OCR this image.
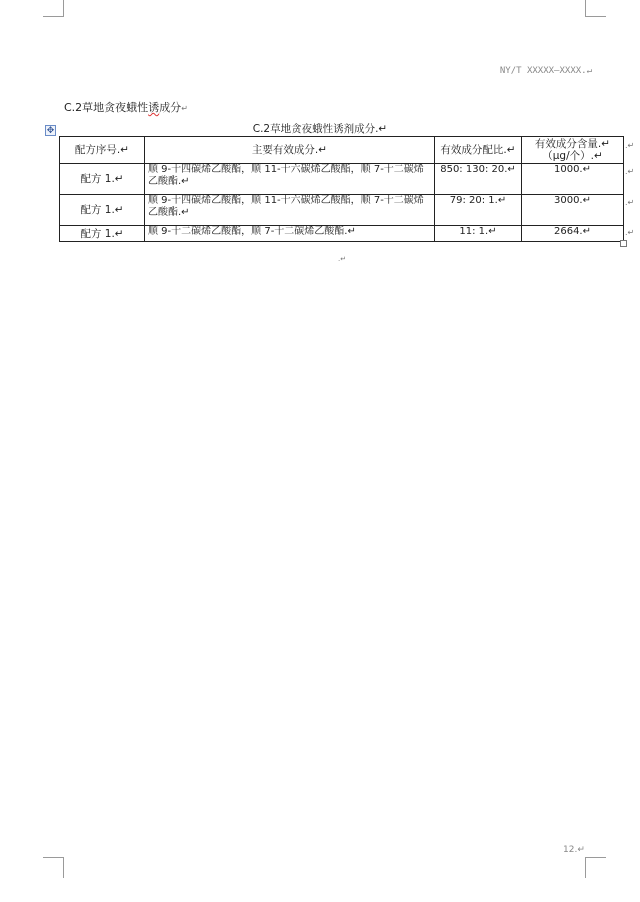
NY/T XXXXX—XXXX.↵
C.2草地贪夜蛾性诱成分↵
✥	C.2草地贪夜蛾性诱剂成分.↵
配方序号.↵	主要有效成分.↵	有效成分配比.↵	有效成分含量.↵
（μg/个）.↵

配方 1.↵	顺 9-十四碳烯乙酸酯，顺 11-十六碳烯乙酸酯，顺 7-十二碳烯乙酸酯.↵	850: 130: 20.↵	1000.↵
配方 1.↵	顺 9-十四碳烯乙酸酯，顺 11-十六碳烯乙酸酯，顺 7-十二碳烯乙酸酯.↵	79: 20: 1.↵	3000.↵
配方 1.↵	顺 9-十二碳烯乙酸酯，顺 7-十二碳烯乙酸酯.↵	11: 1.↵	2664.↵
.↵
.↵
.↵
.↵
.↵
12.↵
